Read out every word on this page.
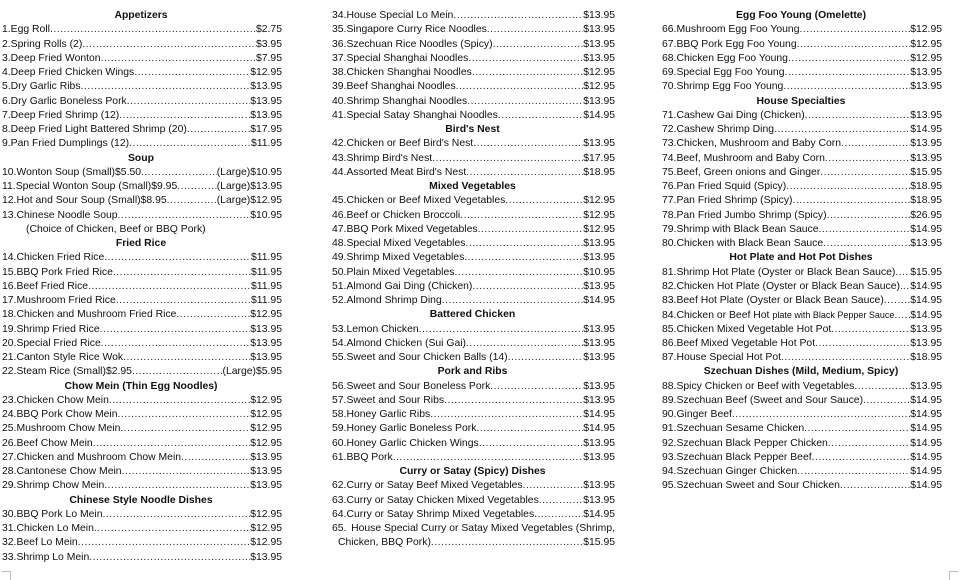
Appetizers
1. Egg Roll .....	$2.75
2. Spring Rolls (2) .....	$3.95
3. Deep Fried Wonton .....	$7.95
4. Deep Fried Chicken Wings .....	$12.95
5. Dry Garlic Ribs .....	$13.95
6. Dry Garlic Boneless Pork .....	$13.95
7. Deep Fried Shrimp (12) .....	$13.95
8. Deep Fried Light Battered Shrimp (20) .....	$17.95
9. Pan Fried Dumplings (12) .....	$11.95
Soup
10. Wonton Soup (Small)$5.50 .....	(Large)$10.95
11. Special Wonton Soup (Small)$9.95 .....	(Large)$13.95
12. Hot and Sour Soup (Small)$8.95 .....	(Large)$12.95
13. Chinese Noodle Soup .....	$10.95
(Choice of Chicken, Beef or BBQ Pork)
Fried Rice
14. Chicken Fried Rice .....	$11.95
15. BBQ Pork Fried Rice .....	$11.95
16. Beef Fried Rice .....	$11.95
17. Mushroom Fried Rice .....	$11.95
18. Chicken and Mushroom Fried Rice .....	$12.95
19. Shrimp Fried Rice .....	$13.95
20. Special Fried Rice .....	$13.95
21. Canton Style Rice Wok .....	$13.95
22. Steam Rice (Small)$2.95 .....	(Large)$5.95
Chow Mein (Thin Egg Noodles)
23. Chicken Chow Mein .....	$12.95
24. BBQ Pork Chow Mein .....	$12.95
25. Mushroom Chow Mein .....	$12.95
26. Beef Chow Mein .....	$12.95
27. Chicken and Mushroom Chow Mein .....	$13.95
28. Cantonese Chow Mein .....	$13.95
29. Shrimp Chow Mein .....	$13.95
Chinese Style Noodle Dishes
30. BBQ Pork Lo Mein .....	$12.95
31. Chicken Lo Mein .....	$12.95
32. Beef Lo Mein .....	$12.95
33. Shrimp Lo Mein .....	$13.95
34. House Special Lo Mein .....	$13.95
35. Singapore Curry Rice Noodles .....	$13.95
36. Szechuan Rice Noodles (Spicy) .....	$13.95
37. Special Shanghai Noodles .....	$13.95
38. Chicken Shanghai Noodles .....	$12.95
39. Beef Shanghai Noodles .....	$12.95
40. Shrimp Shanghai Noodles .....	$13.95
41. Special Satay Shanghai Noodles .....	$14.95
Bird's Nest
42. Chicken or Beef Bird's Nest .....	$13.95
43. Shrimp Bird's Nest .....	$17.95
44. Assorted Meat Bird's Nest .....	$18.95
Mixed Vegetables
45. Chicken or Beef Mixed Vegetables .....	$12.95
46. Beef or Chicken Broccoli .....	$12.95
47. BBQ Pork Mixed Vegetables .....	$12.95
48. Special Mixed Vegetables .....	$13.95
49. Shrimp Mixed Vegetables .....	$13.95
50. Plain Mixed Vegetables .....	$10.95
51. Almond Gai Ding (Chicken) .....	$13.95
52. Almond Shrimp Ding .....	$14.95
Battered Chicken
53. Lemon Chicken .....	$13.95
54. Almond Chicken (Sui Gai) .....	$13.95
55. Sweet and Sour Chicken Balls (14) .....	$13.95
Pork and Ribs
56. Sweet and Sour Boneless Pork .....	$13.95
57. Sweet and Sour Ribs .....	$13.95
58. Honey Garlic Ribs .....	$14.95
59. Honey Garlic Boneless Pork .....	$14.95
60. Honey Garlic Chicken Wings .....	$13.95
61. BBQ Pork .....	$13.95
Curry or Satay (Spicy) Dishes
62. Curry or Satay Beef Mixed Vegetables .....	$13.95
63. Curry or Satay Chicken Mixed Vegetables .....	$13.95
64. Curry or Satay Shrimp Mixed Vegetables .....	$14.95
65. House Special Curry or Satay Mixed Vegetables (Shrimp,
Chicken, BBQ Pork) .....	$15.95
Egg Foo Young (Omelette)
66. Mushroom Egg Foo Young .....	$12.95
67. BBQ Pork Egg Foo Young .....	$12.95
68. Chicken Egg Foo Young .....	$12.95
69. Special Egg Foo Young .....	$13.95
70. Shrimp Egg Foo Young .....	$13.95
House Specialties
71. Cashew Gai Ding (Chicken) .....	$13.95
72. Cashew Shrimp Ding .....	$14.95
73. Chicken, Mushroom and Baby Corn .....	$13.95
74. Beef, Mushroom and Baby Corn .....	$13.95
75. Beef, Green onions and Ginger .....	$15.95
76. Pan Fried Squid (Spicy) .....	$18.95
77. Pan Fried Shrimp (Spicy) .....	$18.95
78. Pan Fried Jumbo Shrimp (Spicy) .....	$26.95
79. Shrimp with Black Bean Sauce .....	$14.95
80. Chicken with Black Bean Sauce .....	$13.95
Hot Plate and Hot Pot Dishes
81. Shrimp Hot Plate (Oyster or Black Bean Sauce) ..... $15.95
82. Chicken Hot Plate (Oyster or Black Bean Sauce). ..... $14.95
83. Beef Hot Plate (Oyster or Black Bean Sauce) .....	$14.95
84. Chicken or Beef Hot plate with Black Pepper Sauce ..... $14.95
85. Chicken Mixed Vegetable Hot Pot .....	$13.95
86. Beef Mixed Vegetable Hot Pot .....	$13.95
87. House Special Hot Pot .....	$18.95
Szechuan Dishes (Mild, Medium, Spicy)
88. Spicy Chicken or Beef with Vegetables .....	$13.95
89. Szechuan Beef (Sweet and Sour Sauce) .....	$14.95
90. Ginger Beef .....	$14.95
91. Szechuan Sesame Chicken .....	$14.95
92. Szechuan Black Pepper Chicken .....	$14.95
93. Szechuan Black Pepper Beef .....	$14.95
94. Szechuan Ginger Chicken .....	$14.95
95. Szechuan Sweet and Sour Chicken .....	$14.95
